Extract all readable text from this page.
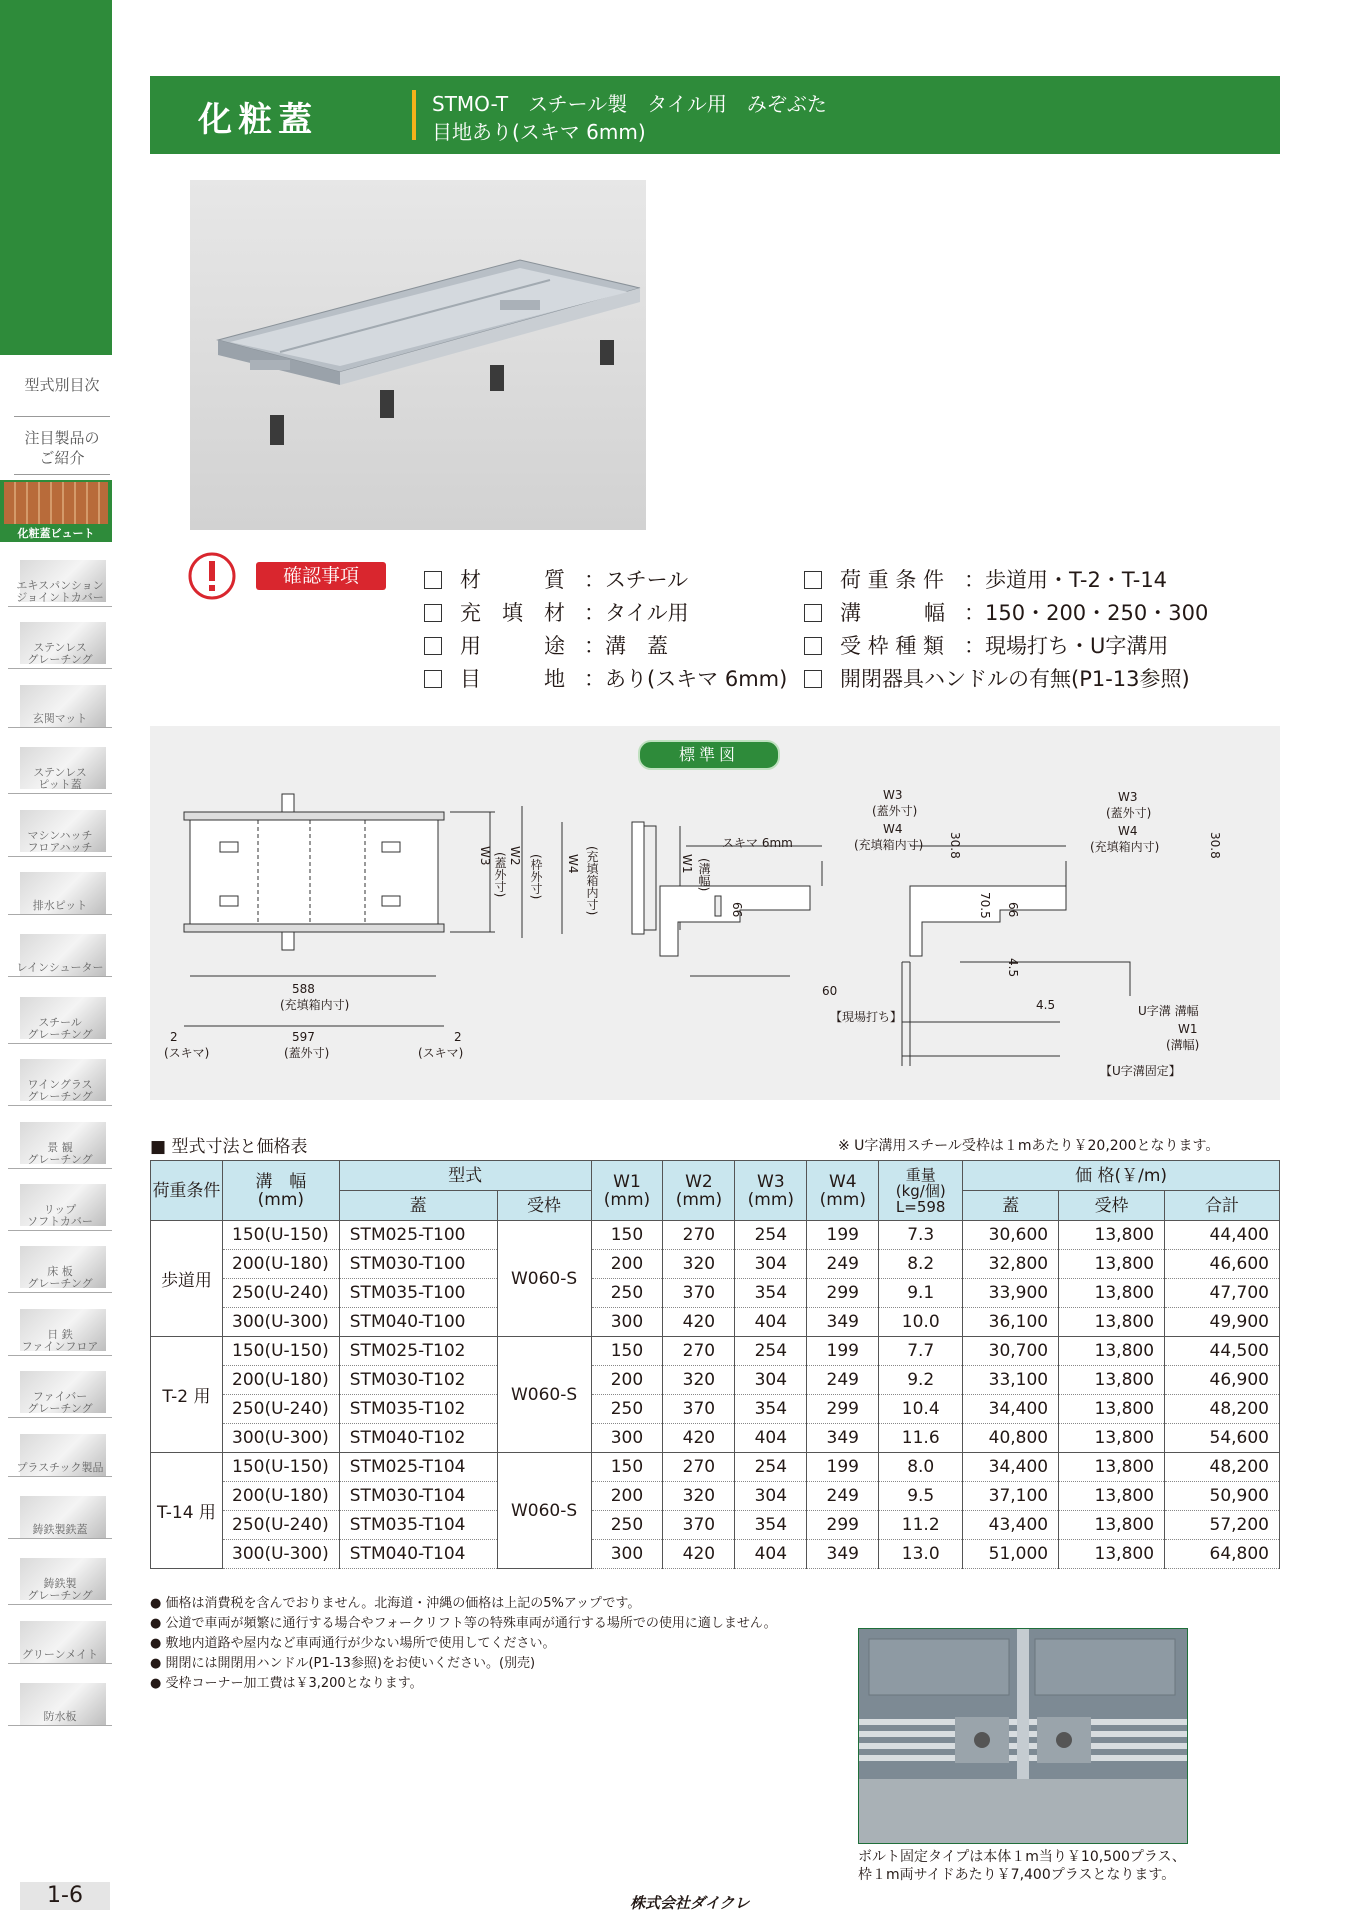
化粧蓋ビュート
型式別目次
注目製品の
ご紹介
化粧蓋ビュート
エキスパンション
ジョイントカバー
ステンレス
グレーチング
玄関マット
ステンレス
ピット蓋
マシンハッチ
フロアハッチ
排水ピット
レインシューター
スチール
グレーチング
ワイングラス
グレーチング
景 観
グレーチング
リップ
ソフトカバー
床 板
グレーチング
日 鉄
ファインフロア
ファイバー
グレーチング
プラスチック製品
鋳鉄製鉄蓋
鋳鉄製
グレーチング
グリーンメイト
防水板
1-6
化粧蓋	STMO-T　スチール製　タイル用　みぞぶた
目地あり(スキマ 6mm)
確認事項	材　　　質 ：スチール
充　填　材 ：タイル用
用　　　途 ：溝　蓋
目　　　地 ：あり(スキマ 6mm)
荷 重 条 件 ：歩道用・T-2・T-14
溝　　　幅 ：150・200・250・300
受 枠 種 類 ：現場打ち・U字溝用
開閉器具ハンドルの有無(P1-13参照)
標準図
588
(充填箱内寸)
597
(蓋外寸)
2
(スキマ)
2
(スキマ)
W3 (蓋外寸) W2 (枠外寸) W4 (充填箱内寸)	W1 (溝幅)
W3
(蓋外寸)
W4
(充填箱内寸)
スキマ 6mm	30.8
66
60
【現場打ち】
W3
(蓋外寸)
W4
(充填箱内寸)	30.8
70.5 66
4.5
4.5	U字溝 溝幅
W1
(溝幅)
【U字溝固定】
■ 型式寸法と価格表	※ U字溝用スチール受枠は１mあたり￥20,200となります。
荷重条件	溝　幅
(mm)	型式		W1
(mm)	W2
(mm)	W3
(mm)	W4
(mm)	重量
(kg/個)
L=598	価 格(￥/m)		
		蓋	受枠						蓋	受枠	合計
歩道用	150(U-150)	STM025-T100	W060-S	150	270	254	199	7.3	30,600	13,800	44,400
	200(U-180)	STM030-T100		200	320	304	249	8.2	32,800	13,800	46,600
	250(U-240)	STM035-T100		250	370	354	299	9.1	33,900	13,800	47,700
	300(U-300)	STM040-T100		300	420	404	349	10.0	36,100	13,800	49,900
T-2 用	150(U-150)	STM025-T102	W060-S	150	270	254	199	7.7	30,700	13,800	44,500
	200(U-180)	STM030-T102		200	320	304	249	9.2	33,100	13,800	46,900
	250(U-240)	STM035-T102		250	370	354	299	10.4	34,400	13,800	48,200
	300(U-300)	STM040-T102		300	420	404	349	11.6	40,800	13,800	54,600
T-14 用	150(U-150)	STM025-T104	W060-S	150	270	254	199	8.0	34,400	13,800	48,200
	200(U-180)	STM030-T104		200	320	304	249	9.5	37,100	13,800	50,900
	250(U-240)	STM035-T104		250	370	354	299	11.2	43,400	13,800	57,200
	300(U-300)	STM040-T104		300	420	404	349	13.0	51,000	13,800	64,800
● 価格は消費税を含んでおりません。北海道・沖縄の価格は上記の5%アップです。
● 公道で車両が頻繁に通行する場合やフォークリフト等の特殊車両が通行する場所での使用に適しません。
● 敷地内道路や屋内など車両通行が少ない場所で使用してください。
● 開閉には開閉用ハンドル(P1-13参照)をお使いください。(別売)
● 受枠コーナー加工費は￥3,200となります。
ボルト固定タイプは本体１m当り￥10,500プラス、
枠１m両サイドあたり￥7,400プラスとなります。
株式会社ダイクレ
